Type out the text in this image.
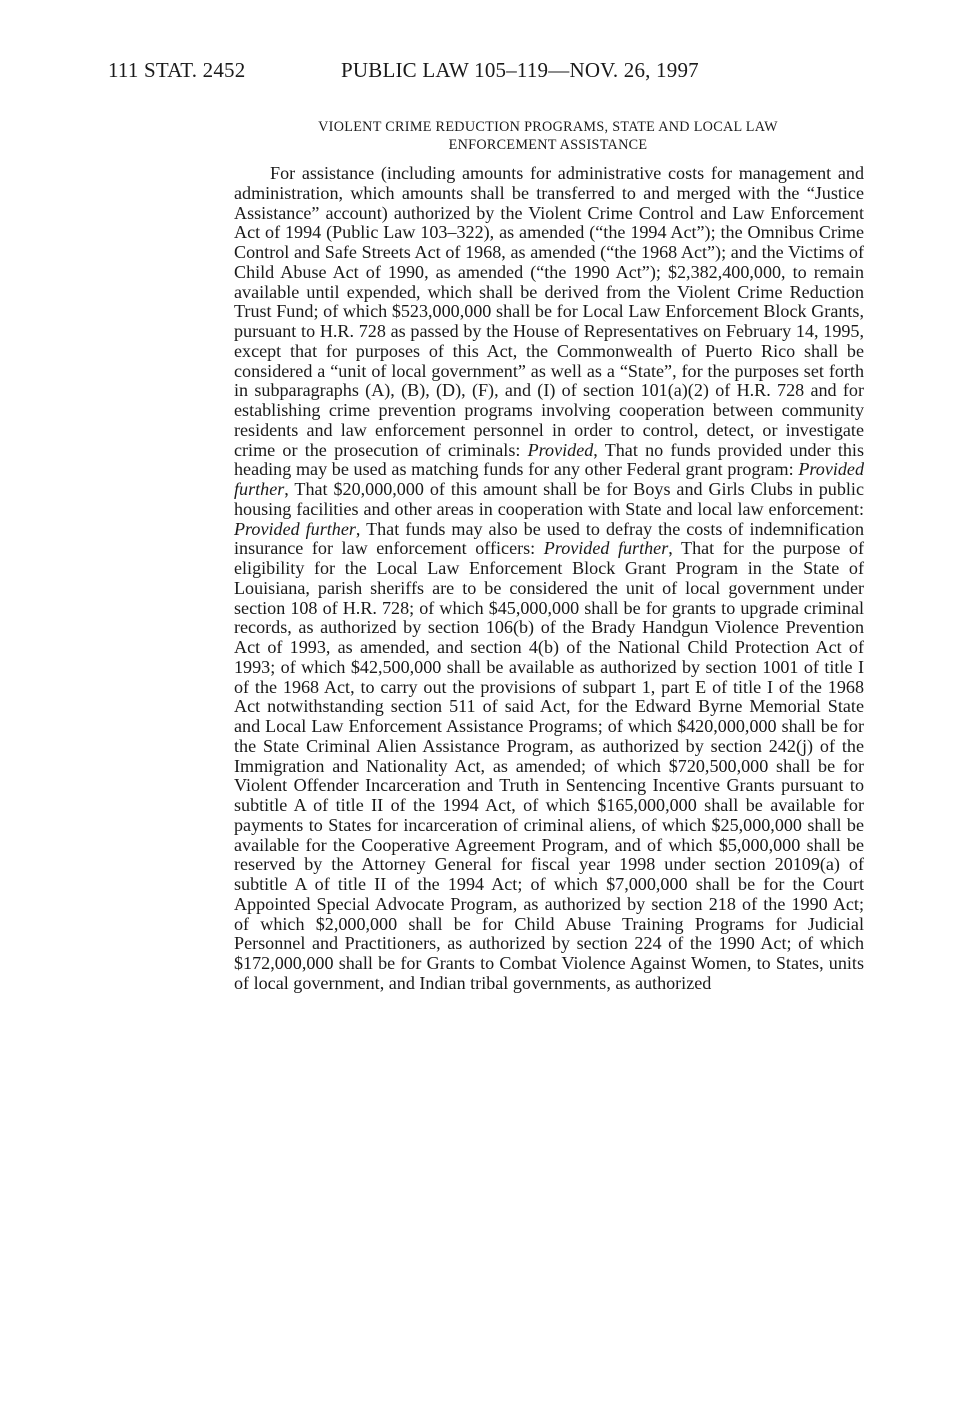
111 STAT. 2452	PUBLIC LAW 105–119—NOV. 26, 1997
VIOLENT CRIME REDUCTION PROGRAMS, STATE AND LOCAL LAW
ENFORCEMENT ASSISTANCE

For assistance (including amounts for administrative costs for management and administration, which amounts shall be transferred to and merged with the “Justice Assistance” account) authorized by the Violent Crime Control and Law Enforcement Act of 1994 (Public Law 103–322), as amended (“the 1994 Act”); the Omnibus Crime Control and Safe Streets Act of 1968, as amended (“the 1968 Act”); and the Victims of Child Abuse Act of 1990, as amended (“the 1990 Act”); $2,382,400,000, to remain available until expended, which shall be derived from the Violent Crime Reduction Trust Fund; of which $523,000,000 shall be for Local Law Enforcement Block Grants, pursuant to H.R. 728 as passed by the House of Representatives on February 14, 1995, except that for purposes of this Act, the Commonwealth of Puerto Rico shall be considered a “unit of local government” as well as a “State”, for the purposes set forth in subparagraphs (A), (B), (D), (F), and (I) of section 101(a)(2) of H.R. 728 and for establishing crime prevention programs involving cooperation between community residents and law enforcement personnel in order to control, detect, or investigate crime or the prosecution of criminals: Provided, That no funds provided under this heading may be used as matching funds for any other Federal grant program: Provided further, That $20,000,000 of this amount shall be for Boys and Girls Clubs in public housing facilities and other areas in cooperation with State and local law enforcement: Provided further, That funds may also be used to defray the costs of indemnification insurance for law enforcement officers: Provided further, That for the purpose of eligibility for the Local Law Enforcement Block Grant Program in the State of Louisiana, parish sheriffs are to be considered the unit of local government under section 108 of H.R. 728; of which $45,000,000 shall be for grants to upgrade criminal records, as authorized by section 106(b) of the Brady Handgun Violence Prevention Act of 1993, as amended, and section 4(b) of the National Child Protection Act of 1993; of which $42,500,000 shall be available as authorized by section 1001 of title I of the 1968 Act, to carry out the provisions of subpart 1, part E of title I of the 1968 Act notwithstanding section 511 of said Act, for the Edward Byrne Memorial State and Local Law Enforcement Assistance Programs; of which $420,000,000 shall be for the State Criminal Alien Assistance Program, as authorized by section 242(j) of the Immigration and Nationality Act, as amended; of which $720,500,000 shall be for Violent Offender Incarceration and Truth in Sentencing Incentive Grants pursuant to subtitle A of title II of the 1994 Act, of which $165,000,000 shall be available for payments to States for incarceration of criminal aliens, of which $25,000,000 shall be available for the Cooperative Agreement Program, and of which $5,000,000 shall be reserved by the Attorney General for fiscal year 1998 under section 20109(a) of subtitle A of title II of the 1994 Act; of which $7,000,000 shall be for the Court Appointed Special Advocate Program, as authorized by section 218 of the 1990 Act; of which $2,000,000 shall be for Child Abuse Training Programs for Judicial Personnel and Practitioners, as authorized by section 224 of the 1990 Act; of which $172,000,000 shall be for Grants to Combat Violence Against Women, to States, units of local government, and Indian tribal governments, as authorized
